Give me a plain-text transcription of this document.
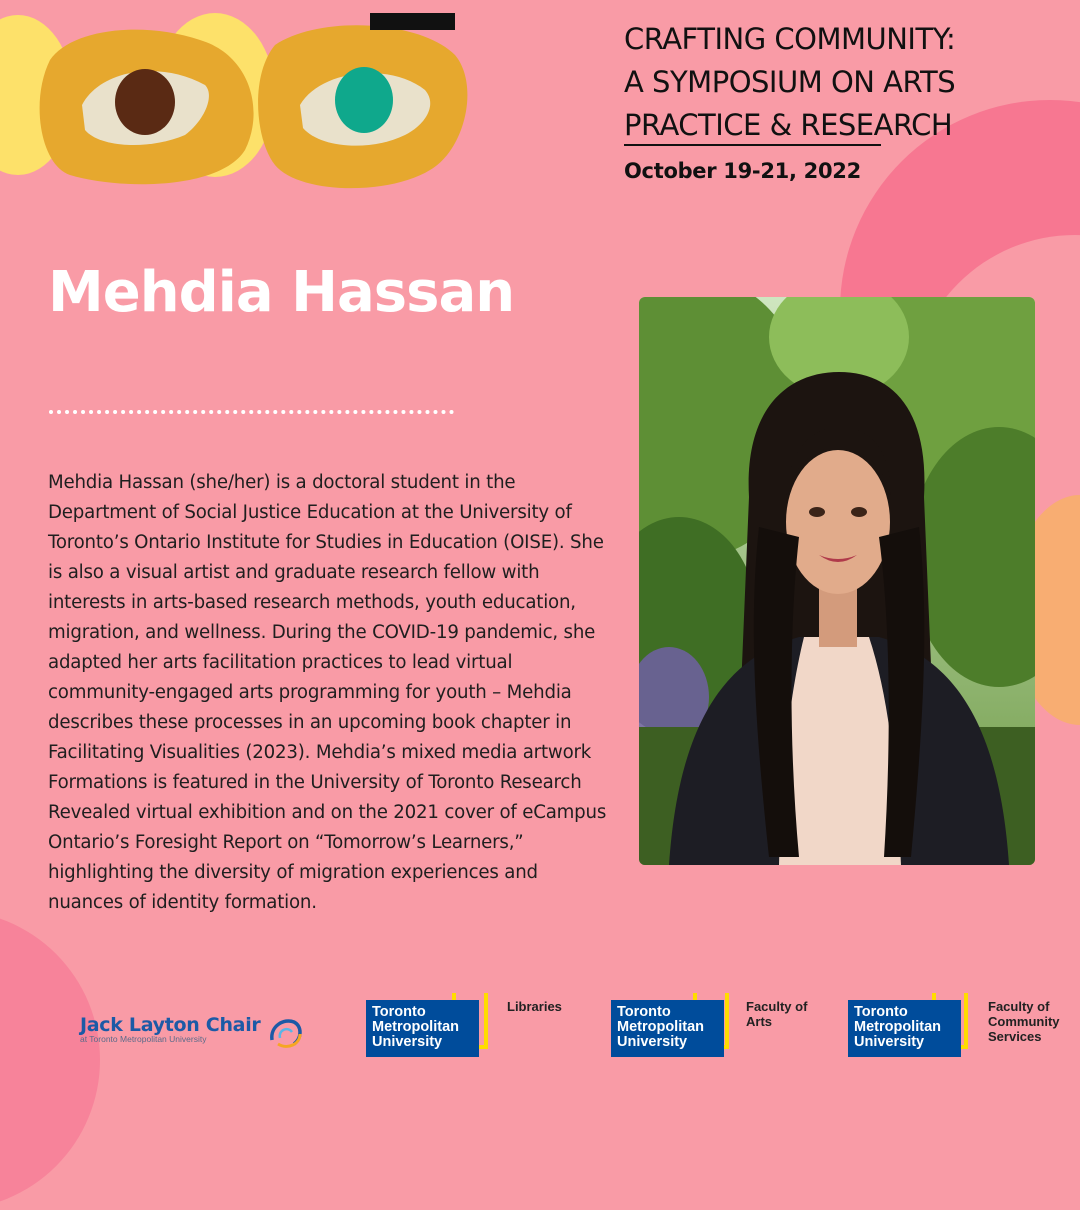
CRAFTING COMMUNITY:
A SYMPOSIUM ON ARTS
PRACTICE & RESEARCH
October 19-21, 2022
Mehdia Hassan

Mehdia Hassan (she/her) is a doctoral student in the Department of Social Justice Education at the University of Toronto’s Ontario Institute for Studies in Education (OISE). She is also a visual artist and graduate research fellow with interests in arts-based research methods, youth education, migration, and wellness. During the COVID-19 pandemic, she adapted her arts facilitation practices to lead virtual community-engaged arts programming for youth – Mehdia describes these processes in an upcoming book chapter in Facilitating Visualities (2023). Mehdia’s mixed media artwork Formations is featured in the University of Toronto Research Revealed virtual exhibition and on the 2021 cover of eCampus Ontario’s Foresight Report on “Tomorrow’s Learners,” highlighting the diversity of migration experiences and nuances of identity formation.

Jack Layton Chair
at Toronto Metropolitan University
Toronto
Metropolitan
University
Libraries	Toronto
Metropolitan
University
Faculty of Arts
Toronto
Metropolitan
University
Faculty of Community Services
